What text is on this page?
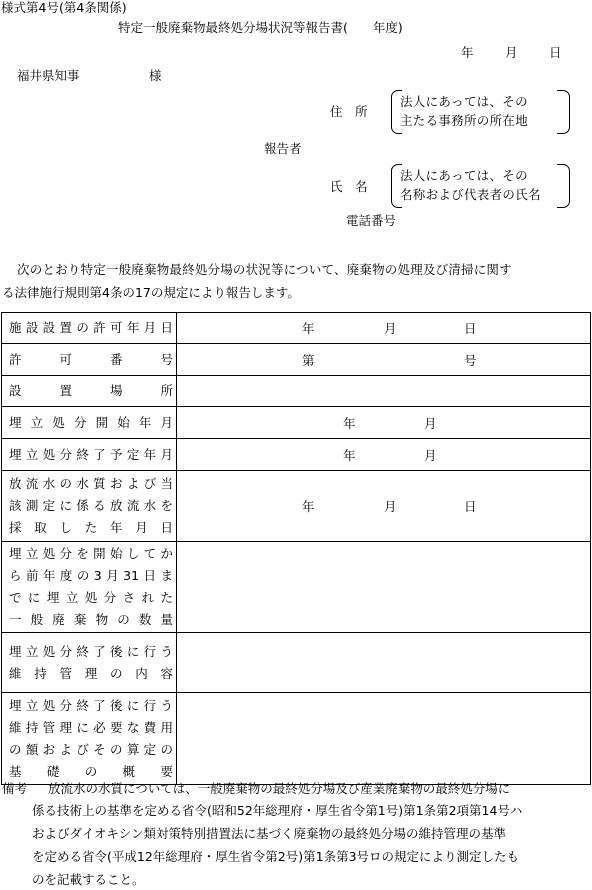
様式第4号(第4条関係)
特定一般廃棄物最終処分場状況等報告書(　　年度)
年	月	日
福井県知事	様
住　所
法人にあっては、その
主たる事務所の所在地
報告者
氏　名
法人にあっては、その
名称および代表者の氏名
電話番号
次のとおり特定一般廃棄物最終処分場の状況等について、廃棄物の処理及び清掃に関す
る法律施行規則第4条の17の規定により報告します。
施設設置の許可年月日	年 月 日

許　　可　　番　　号	第 号

設　　置　　場　　所	

埋立処分開始年月	年 月

埋立処分終了予定年月	年 月

放流水の水質および当
該測定に係る放流水を
採取した年月日	年 月 日

埋立処分を開始してか
ら前年度の3月31日ま
でに埋立処分された
一般廃棄物の数量	

埋立処分終了後に行う
維持管理の内容	

埋立処分終了後に行う
維持管理に必要な費用
の額およびその算定の
基礎の概要	

備考 放流水の水質については、一般廃棄物の最終処分場及び産業廃棄物の最終処分場に
係る技術上の基準を定める省令(昭和52年総理府・厚生省令第1号)第1条第2項第14号ハ
およびダイオキシン類対策特別措置法に基づく廃棄物の最終処分場の維持管理の基準
を定める省令(平成12年総理府・厚生省令第2号)第1条第3号ロの規定により測定したも
のを記載すること。
